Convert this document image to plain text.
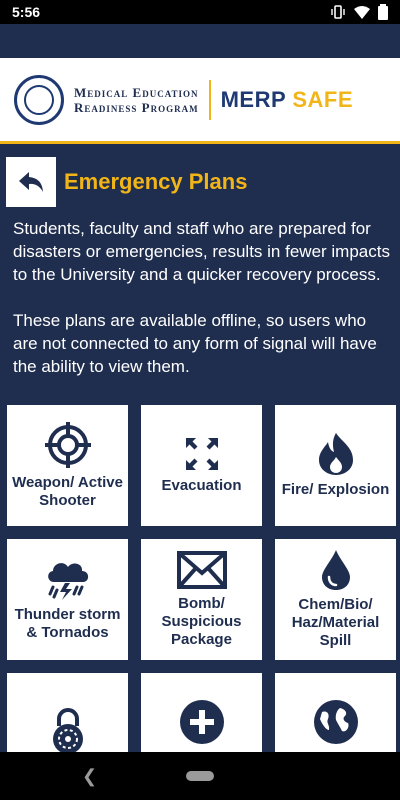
5:56
Medical Education
Readiness Program MERP SAFE
Emergency Plans

Students, faculty and staff who are prepared for disasters or emergencies, results in fewer impacts to the University and a quicker recovery process.

These plans are available offline, so users who are not connected to any form of signal will have the ability to view them.

Weapon/ Active Shooter
Evacuation	Fire/ Explosion
Thunder storm & Tornados
Bomb/ Suspicious Package
Chem/Bio/ Haz/Material Spill
❮
